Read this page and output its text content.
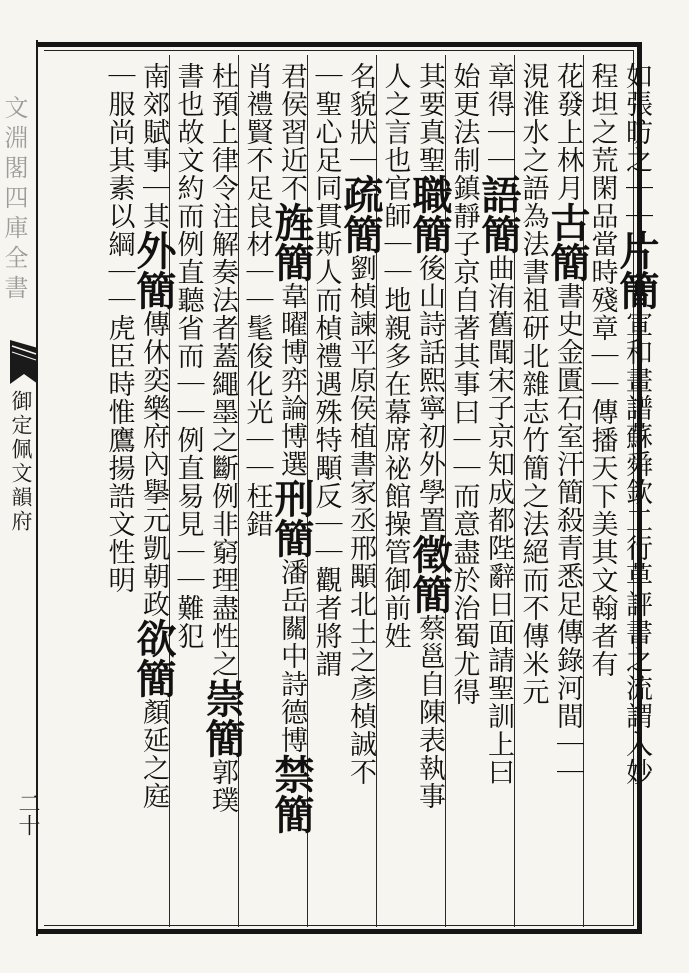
文淵閣四庫全書
御定佩文韻府
二十
如張昉之｜｜片簡宣和畫譜蘇舜欽工行草評書之流謂入妙
程坦之荒閑品當時殘章｜｜傳播天下美其文翰者有
花發上林月古簡書史金匱石室汗簡殺青悉足傳錄河間｜｜
涀淮水之語為法書祖研北雜志竹簡之法絕而不傳米元
章得｜｜語簡曲洧舊聞宋子京知成都陛辭日面請聖訓上曰
始更法制鎮靜子京自著其事曰｜｜而意盡於治蜀尤得
其要真聖職簡後山詩話熙寧初外學置徵簡蔡邕自陳表執事
人之言也官師｜｜地親多在幕席祕館操管御前姓
名貌狀｜疏簡劉楨諫平原侯植書家丞邢顒北土之彥楨誠不
｜聖心足同貫斯人而楨禮遇殊特顒反｜｜觀者將謂
君侯習近不旌簡韋曜博弈論博選刑簡潘岳關中詩德博禁簡
肖禮賢不足良材｜｜髦俊化光｜｜枉錯
杜預上律令注解奏法者蓋繩墨之斷例非窮理盡性之崇簡郭璞
書也故文約而例直聽省而｜｜例直易見｜｜難犯
南郊賦事｜其外簡傳休奕樂府內擧元凱朝政欲簡顏延之庭
｜服尚其素以綱｜｜虎臣時惟鷹揚誥文性明
